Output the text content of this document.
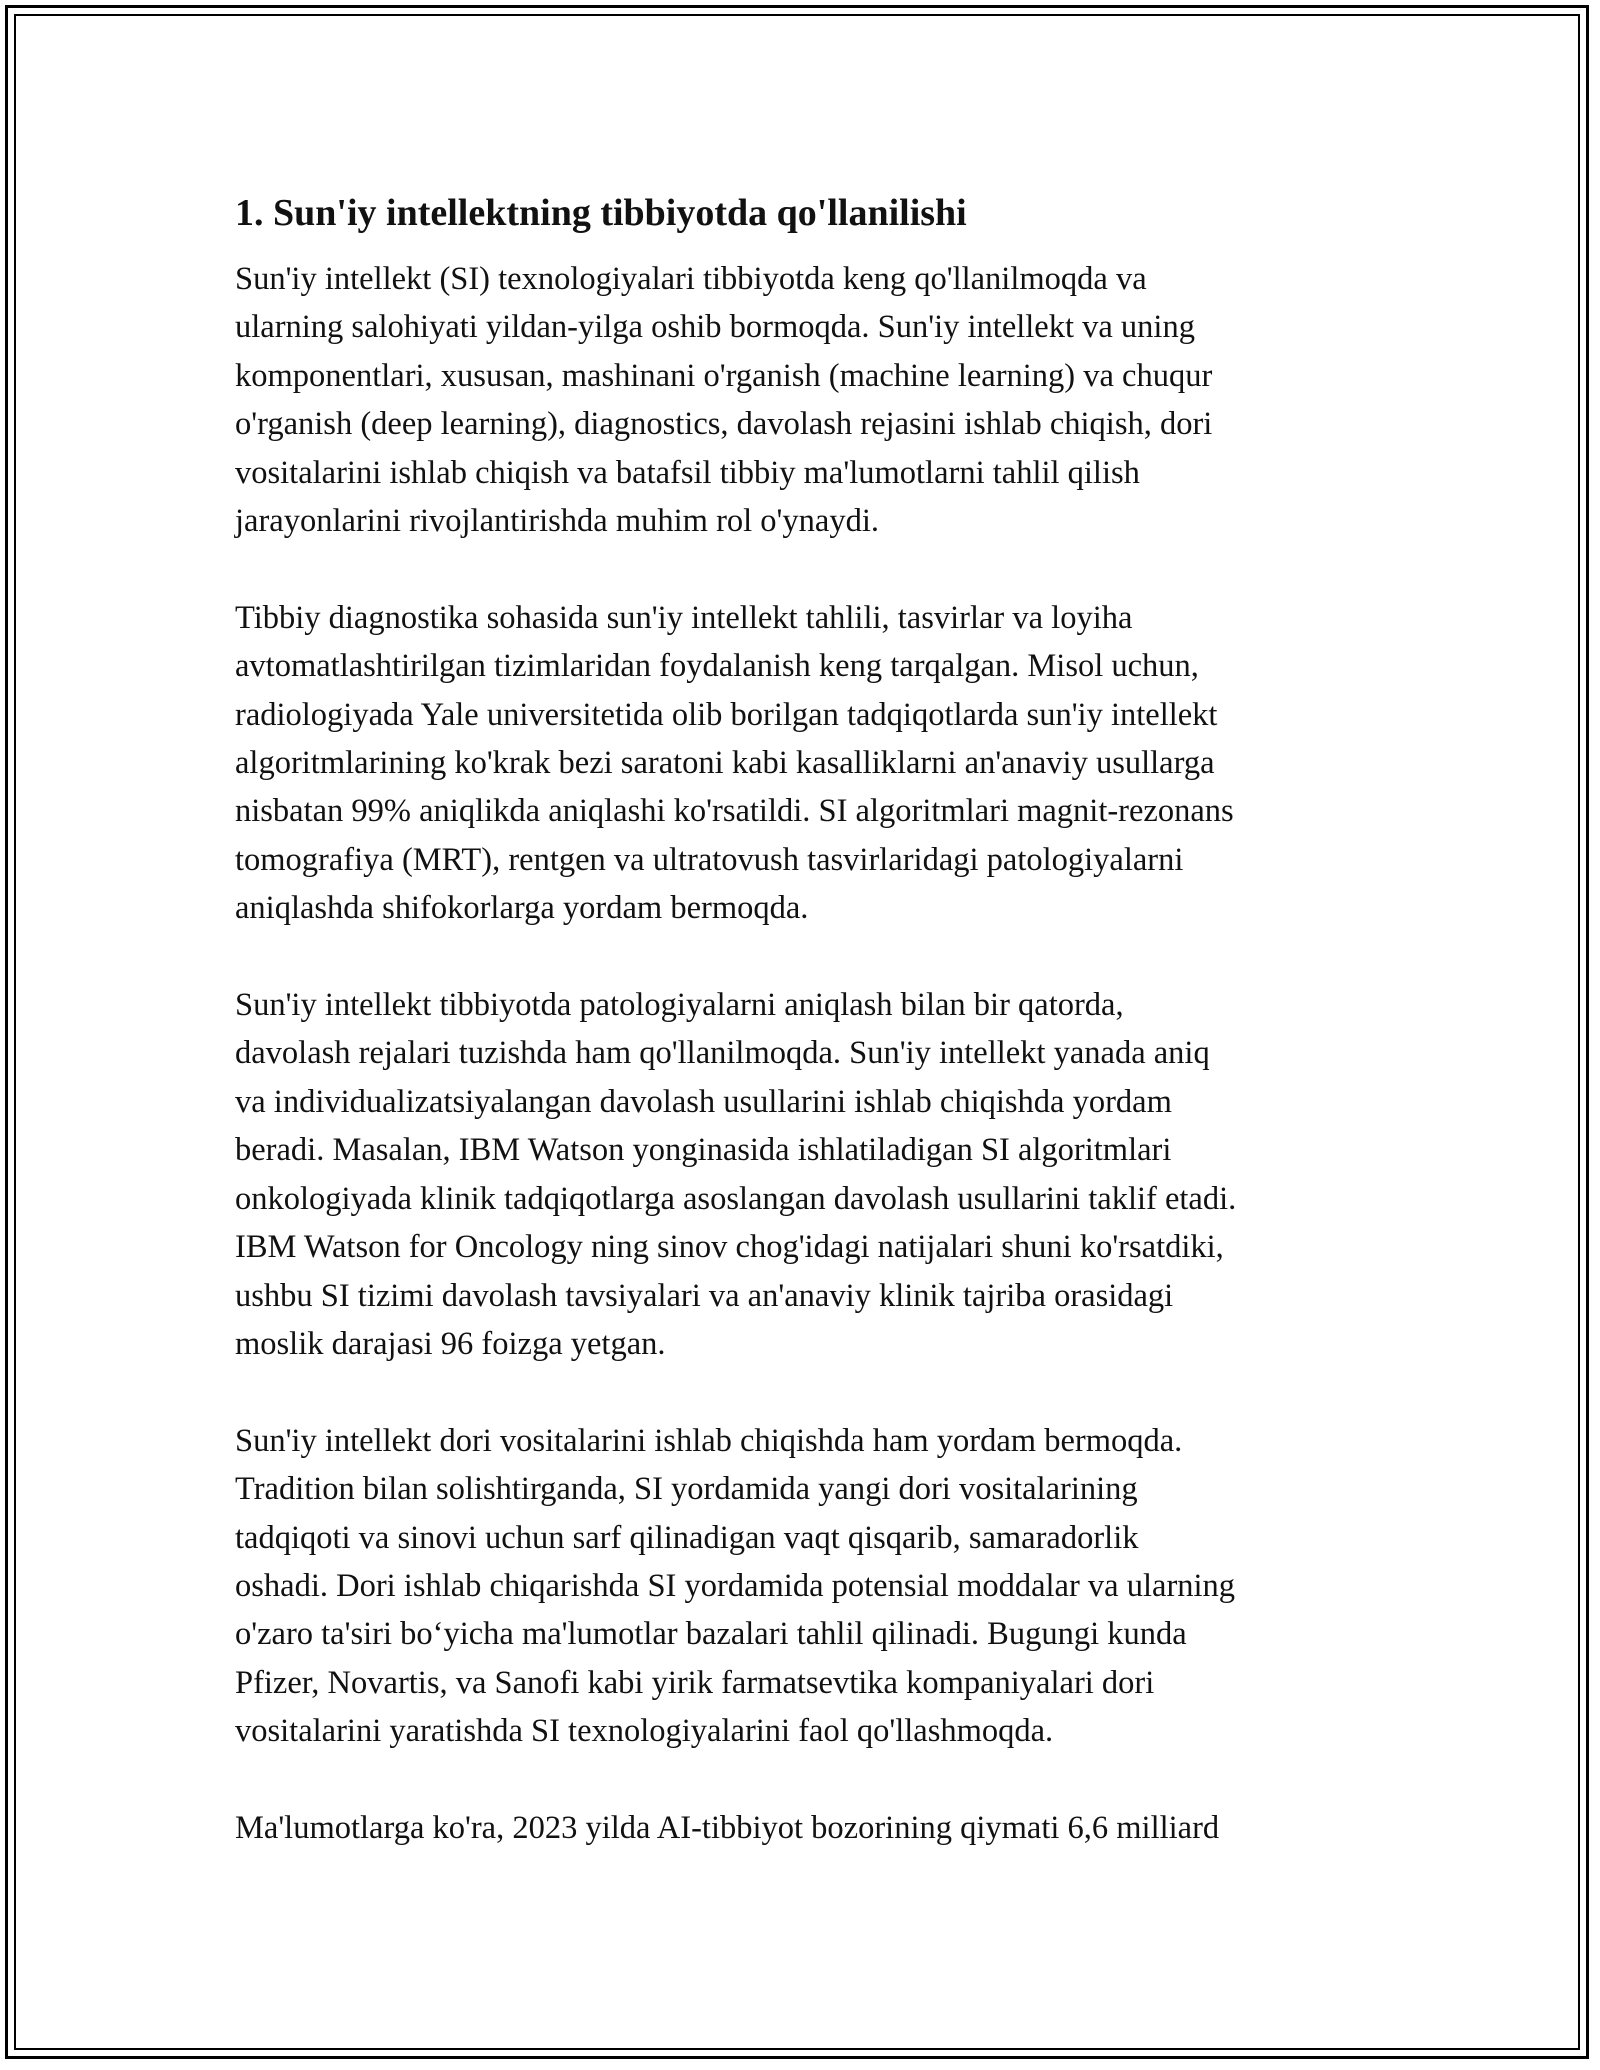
1. Sun'iy intellektning tibbiyotda qo'llanilishi

Sun'iy intellekt (SI) texnologiyalari tibbiyotda keng qo'llanilmoqda va
ularning salohiyati yildan-yilga oshib bormoqda. Sun'iy intellekt va uning
komponentlari, xususan, mashinani o'rganish (machine learning) va chuqur
o'rganish (deep learning), diagnostics, davolash rejasini ishlab chiqish, dori
vositalarini ishlab chiqish va batafsil tibbiy ma'lumotlarni tahlil qilish
jarayonlarini rivojlantirishda muhim rol o'ynaydi.

Tibbiy diagnostika sohasida sun'iy intellekt tahlili, tasvirlar va loyiha
avtomatlashtirilgan tizimlaridan foydalanish keng tarqalgan. Misol uchun,
radiologiyada Yale universitetida olib borilgan tadqiqotlarda sun'iy intellekt
algoritmlarining ko'krak bezi saratoni kabi kasalliklarni an'anaviy usullarga
nisbatan 99% aniqlikda aniqlashi ko'rsatildi. SI algoritmlari magnit-rezonans
tomografiya (MRT), rentgen va ultratovush tasvirlaridagi patologiyalarni
aniqlashda shifokorlarga yordam bermoqda.

Sun'iy intellekt tibbiyotda patologiyalarni aniqlash bilan bir qatorda,
davolash rejalari tuzishda ham qo'llanilmoqda. Sun'iy intellekt yanada aniq
va individualizatsiyalangan davolash usullarini ishlab chiqishda yordam
beradi. Masalan, IBM Watson yonginasida ishlatiladigan SI algoritmlari
onkologiyada klinik tadqiqotlarga asoslangan davolash usullarini taklif etadi.
IBM Watson for Oncology ning sinov chog'idagi natijalari shuni ko'rsatdiki,
ushbu SI tizimi davolash tavsiyalari va an'anaviy klinik tajriba orasidagi
moslik darajasi 96 foizga yetgan.

Sun'iy intellekt dori vositalarini ishlab chiqishda ham yordam bermoqda.
Tradition bilan solishtirganda, SI yordamida yangi dori vositalarining
tadqiqoti va sinovi uchun sarf qilinadigan vaqt qisqarib, samaradorlik
oshadi. Dori ishlab chiqarishda SI yordamida potensial moddalar va ularning
o'zaro ta'siri bo‘yicha ma'lumotlar bazalari tahlil qilinadi. Bugungi kunda
Pfizer, Novartis, va Sanofi kabi yirik farmatsevtika kompaniyalari dori
vositalarini yaratishda SI texnologiyalarini faol qo'llashmoqda.

Ma'lumotlarga ko'ra, 2023 yilda AI-tibbiyot bozorining qiymati 6,6 milliard
